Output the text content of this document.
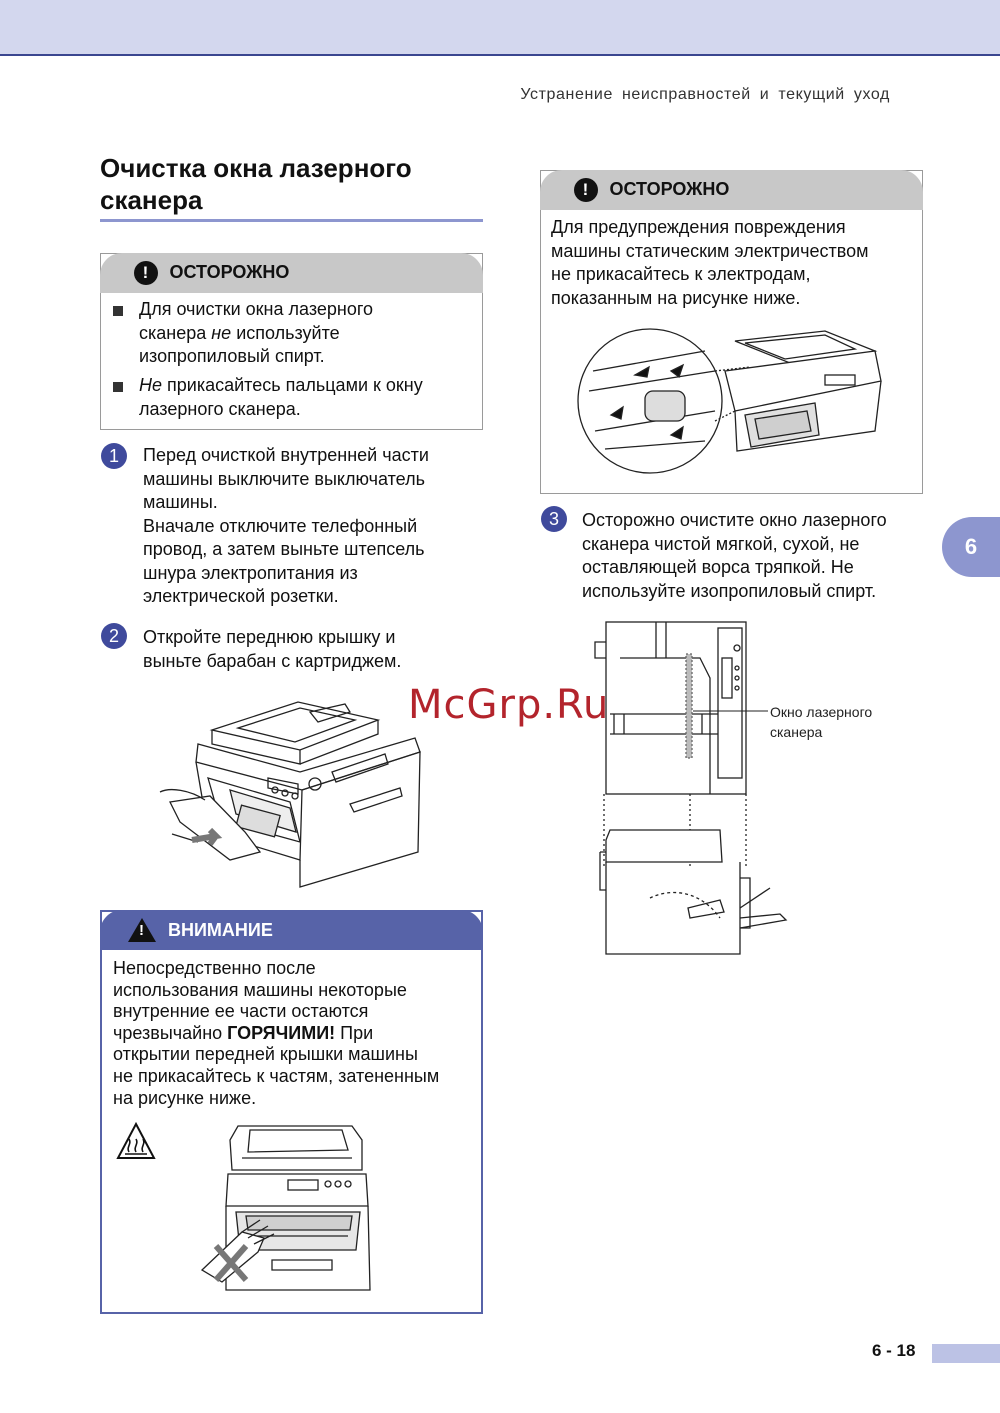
Устранение неисправностей и текущий уход
Очистка окна лазерного
сканера
!	ОСТОРОЖНО
Для очистки окна лазерного
сканера не используйте
изопропиловый спирт.
Не прикасайтесь пальцами к окну
лазерного сканера.
1	Перед очисткой внутренней части
машины выключите выключатель
машины.
Вначале отключите телефонный
провод, а затем выньте штепсель
шнура электропитания из
электрической розетки.
2	Откройте переднюю крышку и
выньте барабан с картриджем.
! ВНИМАНИЕ
Непосредственно после
использования машины некоторые
внутренние ее части остаются
чрезвычайно ГОРЯЧИМИ! При
открытии передней крышки машины
не прикасайтесь к частям, затененным
на рисунке ниже.
!	ОСТОРОЖНО
Для предупреждения повреждения
машины статическим электричеством
не прикасайтесь к электродам,
показанным на рисунке ниже.
3	Осторожно очистите окно лазерного
сканера чистой мягкой, сухой, не
оставляющей ворса тряпкой. Не
используйте изопропиловый спирт.
Окно лазерного
сканера
McGrp.Ru
6
6 - 18
